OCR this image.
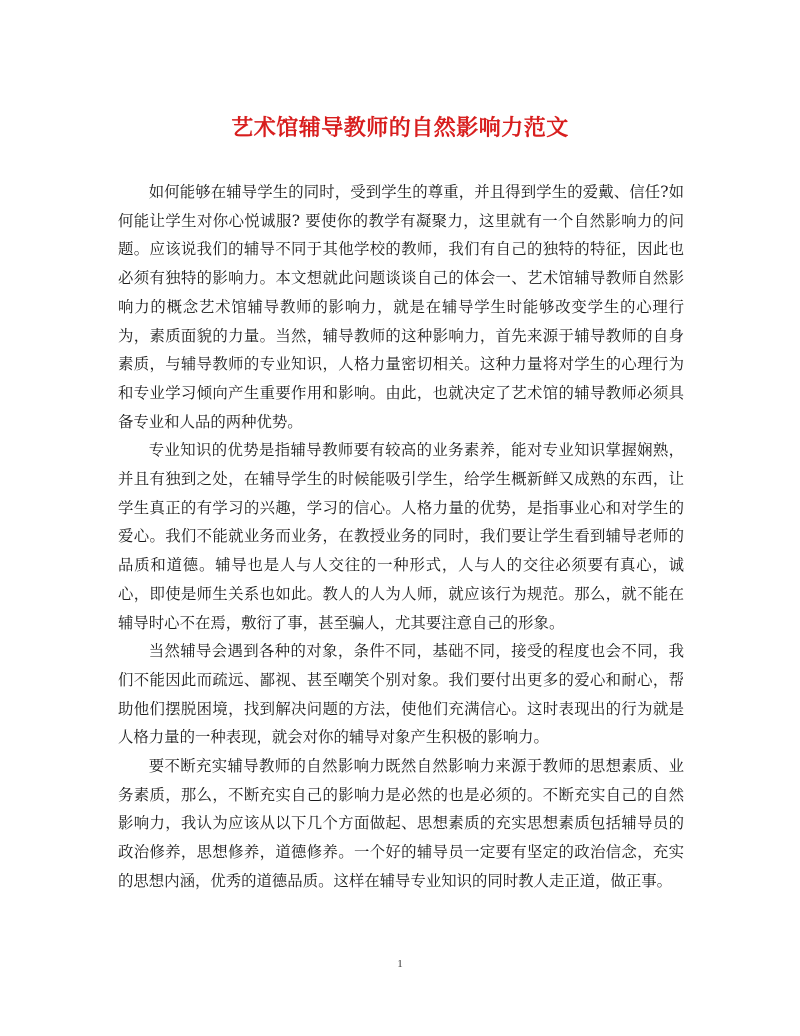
艺术馆辅导教师的自然影响力范文

如何能够在辅导学生的同时，受到学生的尊重，并且得到学生的爱戴、信任?如何能让学生对你心悦诚服? 要使你的教学有凝聚力，这里就有一个自然影响力的问题。应该说我们的辅导不同于其他学校的教师，我们有自己的独特的特征，因此也必须有独特的影响力。本文想就此问题谈谈自己的体会一、艺术馆辅导教师自然影响力的概念艺术馆辅导教师的影响力，就是在辅导学生时能够改变学生的心理行为，素质面貌的力量。当然，辅导教师的这种影响力，首先来源于辅导教师的自身素质，与辅导教师的专业知识，人格力量密切相关。这种力量将对学生的心理行为和专业学习倾向产生重要作用和影响。由此，也就决定了艺术馆的辅导教师必须具备专业和人品的两种优势。

专业知识的优势是指辅导教师要有较高的业务素养，能对专业知识掌握娴熟，并且有独到之处，在辅导学生的时候能吸引学生，给学生概新鲜又成熟的东西，让学生真正的有学习的兴趣，学习的信心。人格力量的优势，是指事业心和对学生的爱心。我们不能就业务而业务，在教授业务的同时，我们要让学生看到辅导老师的品质和道德。辅导也是人与人交往的一种形式，人与人的交往必须要有真心，诚心，即使是师生关系也如此。教人的人为人师，就应该行为规范。那么，就不能在辅导时心不在焉，敷衍了事，甚至骗人，尤其要注意自己的形象。

当然辅导会遇到各种的对象，条件不同，基础不同，接受的程度也会不同，我们不能因此而疏远、鄙视、甚至嘲笑个别对象。我们要付出更多的爱心和耐心，帮助他们摆脱困境，找到解决问题的方法，使他们充满信心。这时表现出的行为就是人格力量的一种表现，就会对你的辅导对象产生积极的影响力。

要不断充实辅导教师的自然影响力既然自然影响力来源于教师的思想素质、业务素质，那么，不断充实自己的影响力是必然的也是必须的。不断充实自己的自然影响力，我认为应该从以下几个方面做起、思想素质的充实思想素质包括辅导员的政治修养，思想修养，道德修养。一个好的辅导员一定要有坚定的政治信念，充实的思想内涵，优秀的道德品质。这样在辅导专业知识的同时教人走正道，做正事。

1
